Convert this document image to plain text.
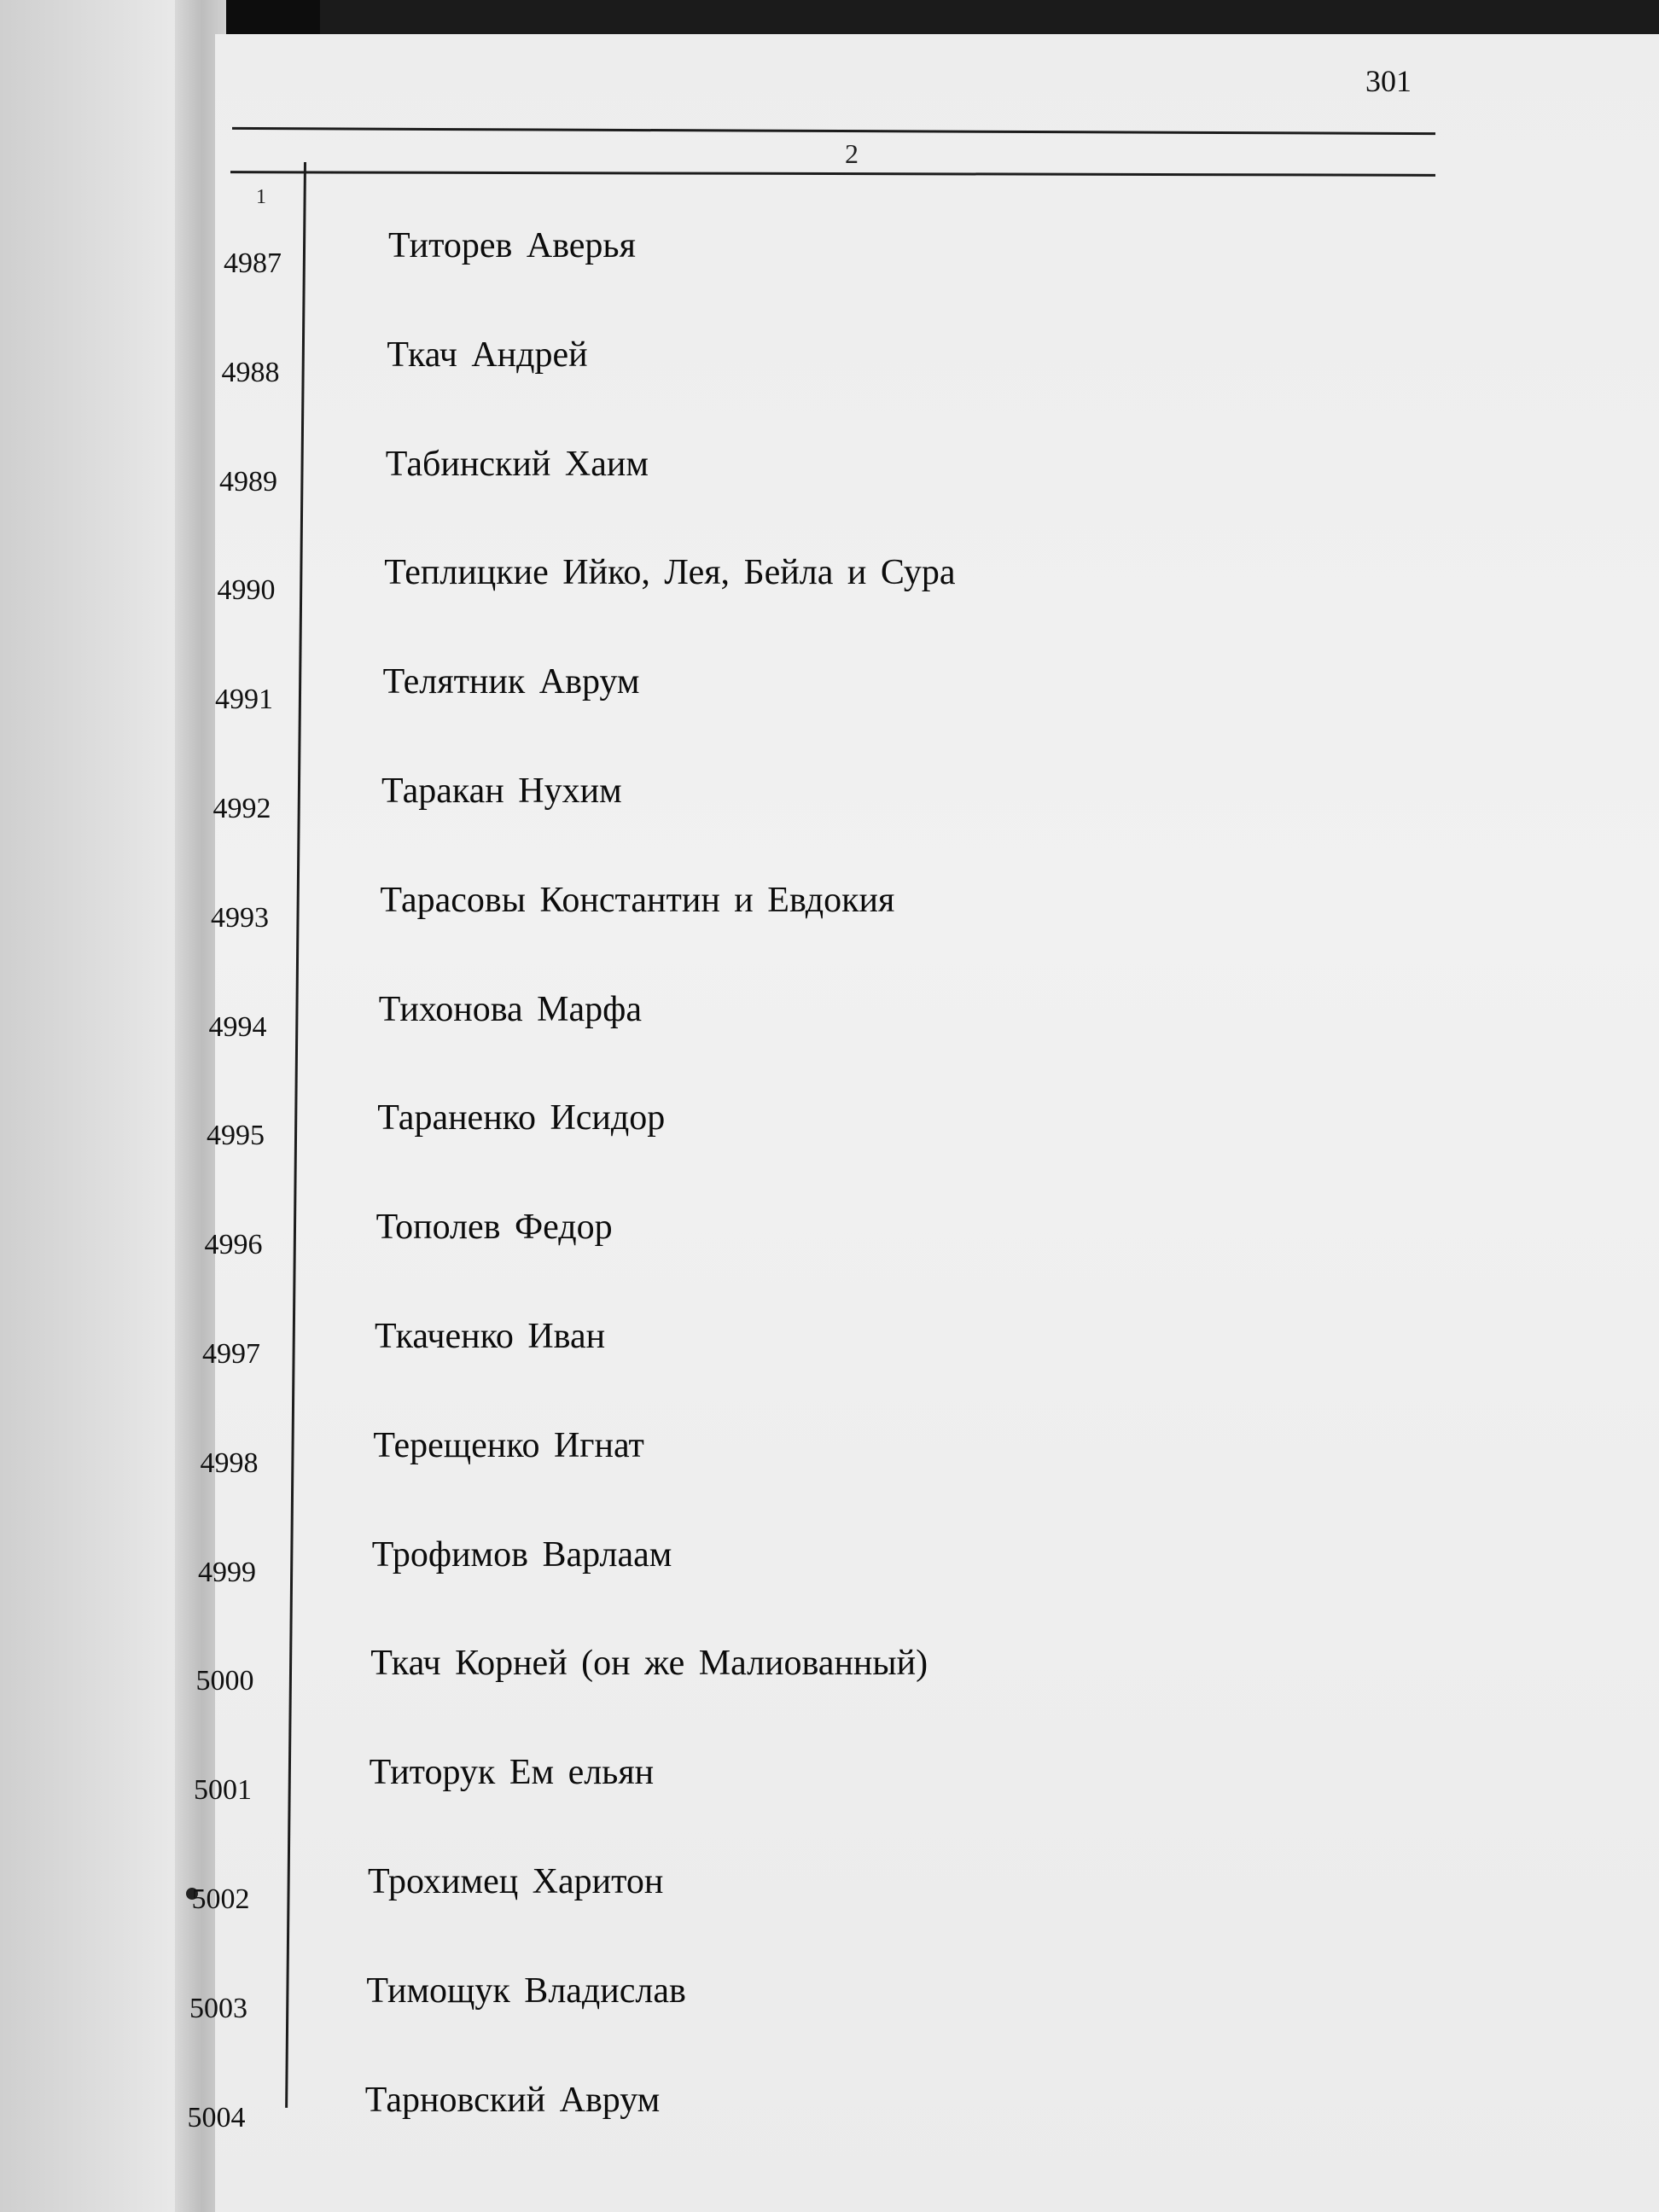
301
1
2
4987	Титорев Аверья
4988	Ткач Андрей
4989	Табинский Хаим
4990	Теплицкие Ийко, Лея, Бейла и Сура
4991	Телятник Аврум
4992	Таракан Нухим
4993	Тарасовы Константин и Евдокия
4994	Тихонова Марфа
4995	Тараненко Исидор
4996	Тополев Федор
4997	Ткаченко Иван
4998	Терещенко Игнат
4999	Трофимов Варлаам
5000	Ткач Корней (он же Малиованный)
5001	Титорук Ем ельян
5002	Трохимец Харитон
5003	Тимощук Владислав
5004	Тарновский Аврум
